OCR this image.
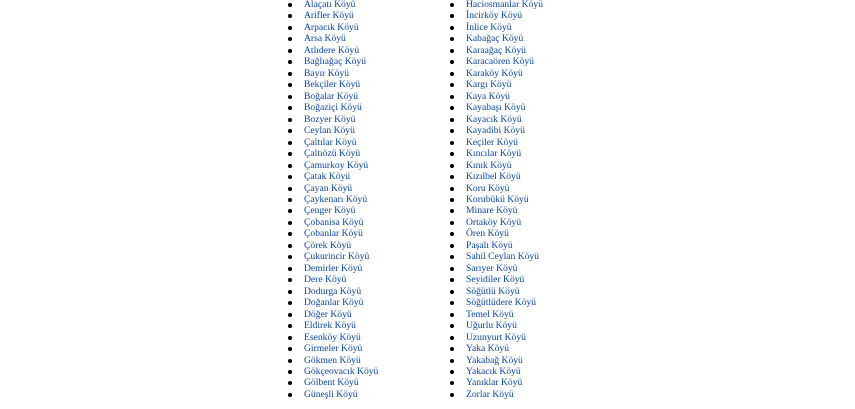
Alaçatı Köyü
Arifler Köyü
Arpacık Köyü
Arsa Köyü
Atlıdere Köyü
Bağlıağaç Köyü
Bayır Köyü
Bekçiler Köyü
Boğalar Köyü
Boğaziçi Köyü
Bozyer Köyü
Ceylan Köyü
Çaltılar Köyü
Çaltıözü Köyü
Çamurkoy Köyü
Çatak Köyü
Çayan Köyü
Çaykenarı Köyü
Çenger Köyü
Çobanisa Köyü
Çobanlar Köyü
Çörek Köyü
Çukurincir Köyü
Demirler Köyü
Dere Köyü
Dodurga Köyü
Doğanlar Köyü
Döğer Köyü
Eldirek Köyü
Esenköy Köyü
Girmeler Köyü
Gökmen Köyü
Gökçeovacık Köyü
Gölbent Köyü
Güneşli Köyü
Haciosmanlar Köyü
İncirköy Köyü
İnlice Köyü
Kabağaç Köyü
Karaağaç Köyü
Karacaören Köyü
Karaköy Köyü
Kargı Köyü
Kaya Köyü
Kayabaşı Köyü
Kayacık Köyü
Kayadibi Köyü
Keçiler Köyü
Kıncılar Köyü
Kınık Köyü
Kızılbel Köyü
Koru Köyü
Korubükü Köyü
Minare Köyü
Ortaköy Köyü
Ören Köyü
Paşalı Köyü
Sahil Ceylan Köyü
Sarıyer Köyü
Seyidiler Köyü
Söğütlü Köyü
Söğütlüdere Köyü
Temel Köyü
Uğurlu Köyü
Uzunyurt Köyü
Yaka Köyü
Yakabağ Köyü
Yakacık Köyü
Yanıklar Köyü
Zorlar Köyü
